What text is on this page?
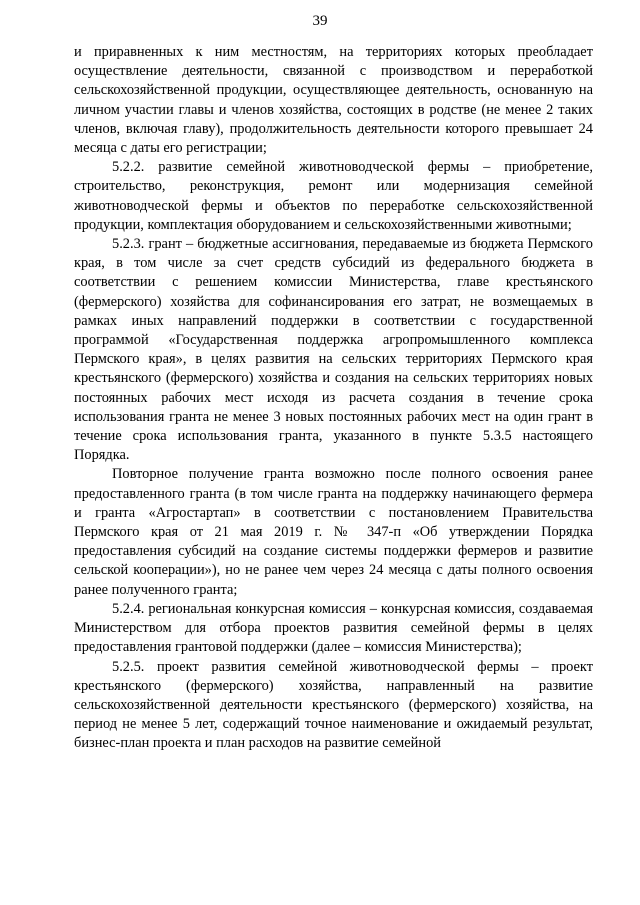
39

и приравненных к ним местностям, на территориях которых преобладает осуществление деятельности, связанной с производством и переработкой сельскохозяйственной продукции, осуществляющее деятельность, основанную на личном участии главы и членов хозяйства, состоящих в родстве (не менее 2 таких членов, включая главу), продолжительность деятельности которого превышает 24 месяца с даты его регистрации;

5.2.2. развитие семейной животноводческой фермы – приобретение, строительство, реконструкция, ремонт или модернизация семейной животноводческой фермы и объектов по переработке сельскохозяйственной продукции, комплектация оборудованием и сельскохозяйственными животными;

5.2.3. грант – бюджетные ассигнования, передаваемые из бюджета Пермского края, в том числе за счет средств субсидий из федерального бюджета в соответствии с решением комиссии Министерства, главе крестьянского (фермерского) хозяйства для софинансирования его затрат, не возмещаемых в рамках иных направлений поддержки в соответствии с государственной программой «Государственная поддержка агропромышленного комплекса Пермского края», в целях развития на сельских территориях Пермского края крестьянского (фермерского) хозяйства и создания на сельских территориях новых постоянных рабочих мест исходя из расчета создания в течение срока использования гранта не менее 3 новых постоянных рабочих мест на один грант в течение срока использования гранта, указанного в пункте 5.3.5 настоящего Порядка.

Повторное получение гранта возможно после полного освоения ранее предоставленного гранта (в том числе гранта на поддержку начинающего фермера и гранта «Агростартап» в соответствии с постановлением Правительства Пермского края от 21 мая 2019 г. № 347-п «Об утверждении Порядка предоставления субсидий на создание системы поддержки фермеров и развитие сельской кооперации»), но не ранее чем через 24 месяца с даты полного освоения ранее полученного гранта;

5.2.4. региональная конкурсная комиссия – конкурсная комиссия, создаваемая Министерством для отбора проектов развития семейной фермы в целях предоставления грантовой поддержки (далее – комиссия Министерства);

5.2.5. проект развития семейной животноводческой фермы – проект крестьянского (фермерского) хозяйства, направленный на развитие сельскохозяйственной деятельности крестьянского (фермерского) хозяйства, на период не менее 5 лет, содержащий точное наименование и ожидаемый результат, бизнес-план проекта и план расходов на развитие семейной
